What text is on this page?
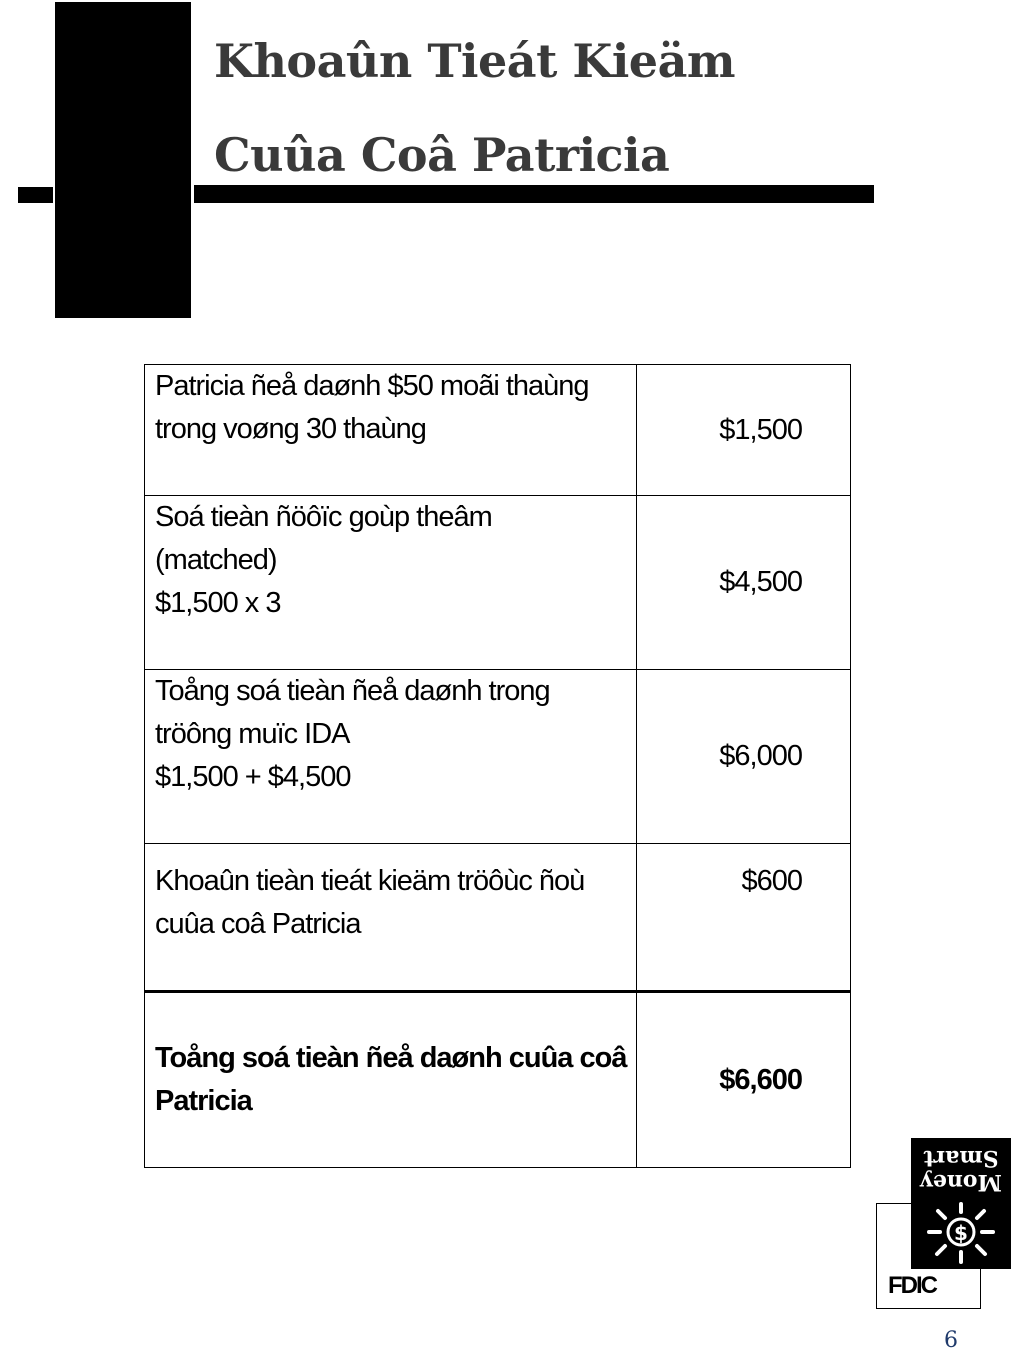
Khoaûn Tieát Kieäm
Cuûa Coâ Patricia
Patricia ñeå daønh $50 moãi thaùng
trong voøng 30 thaùng	$1,500

Soá tieàn ñöôïc goùp theâm
(matched)
$1,500 x 3	$4,500

Toång soá tieàn ñeå daønh trong
tröông muïc IDA
$1,500 + $4,500	$6,000

Khoaûn tieàn tieát kieäm tröôùc ñoù
cuûa coâ Patricia	$600

Toång soá tieàn ñeå daønh cuûa coâ
Patricia	$6,600
Money Smart
$
FDIC
6
